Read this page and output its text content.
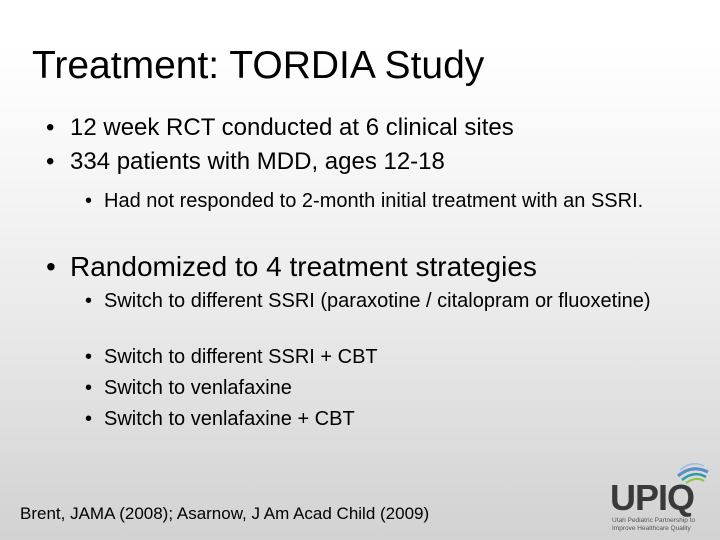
Treatment: TORDIA Study
• 12 week RCT conducted at 6 clinical sites
• 334 patients with MDD, ages 12-18
• Had not responded to 2-month initial treatment with an SSRI.
• Randomized to 4 treatment strategies
• Switch to different SSRI (paraxotine / citalopram or fluoxetine)
• Switch to different SSRI + CBT
• Switch to venlafaxine
• Switch to venlafaxine + CBT
Brent, JAMA (2008); Asarnow, J Am Acad Child (2009)	UPIQ
Utah Pediatric Partnership to
Improve Healthcare Quality
